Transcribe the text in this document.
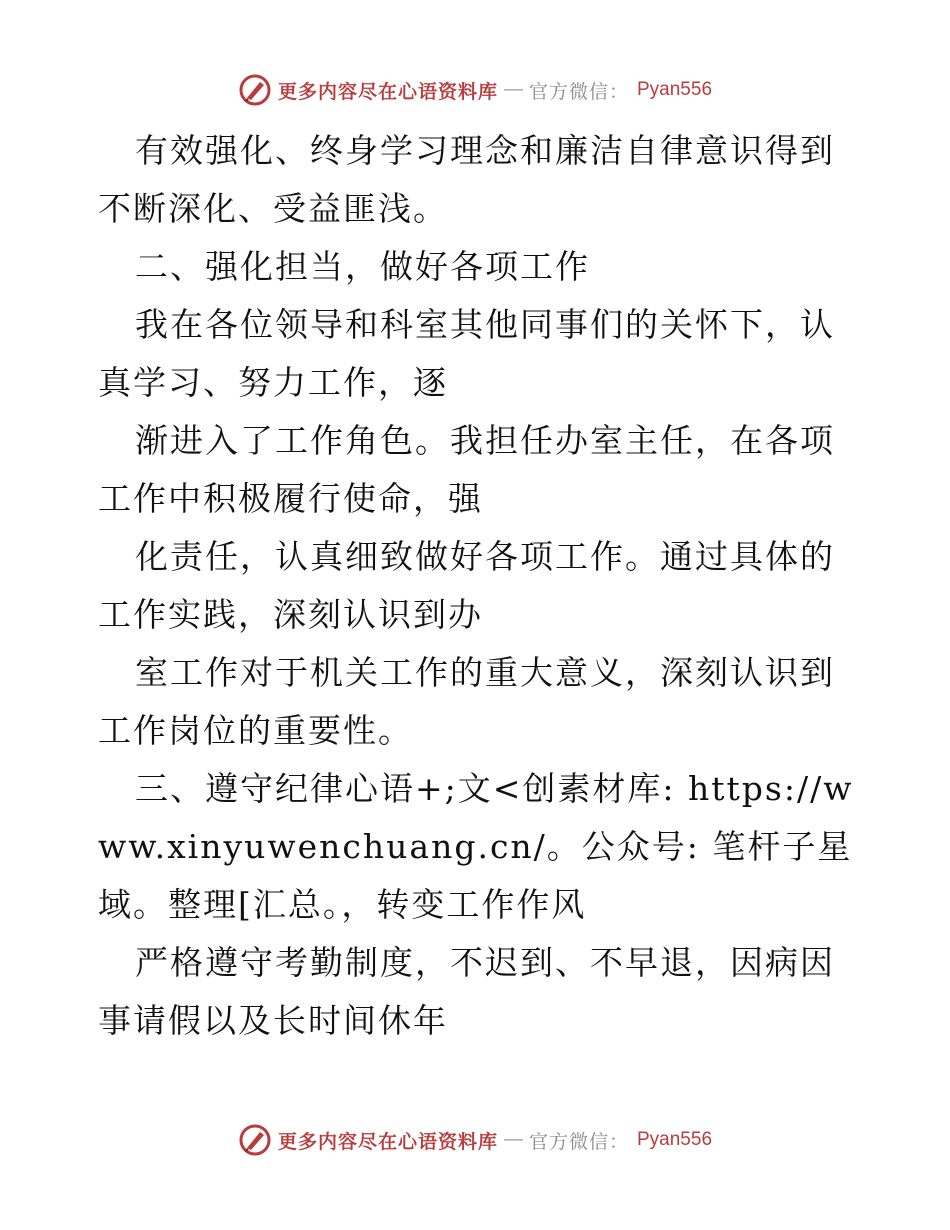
更多内容尽在心语资料库 — 官方微信： Pyan556

有效强化、终身学习理念和廉洁自律意识得到不断深化、受益匪浅。

二、强化担当，做好各项工作

我在各位领导和科室其他同事们的关怀下，认真学习、努力工作，逐

渐进入了工作角色。我担任办室主任，在各项工作中积极履行使命，强

化责任，认真细致做好各项工作。通过具体的工作实践，深刻认识到办

室工作对于机关工作的重大意义，深刻认识到工作岗位的重要性。

三、遵守纪律心语+;文<创素材库: https://www.xinyuwenchuang.cn/。公众号: 笔杆子星域。整理[汇总。，转变工作作风

严格遵守考勤制度，不迟到、不早退，因病因事请假以及长时间休年

更多内容尽在心语资料库 — 官方微信： Pyan556
